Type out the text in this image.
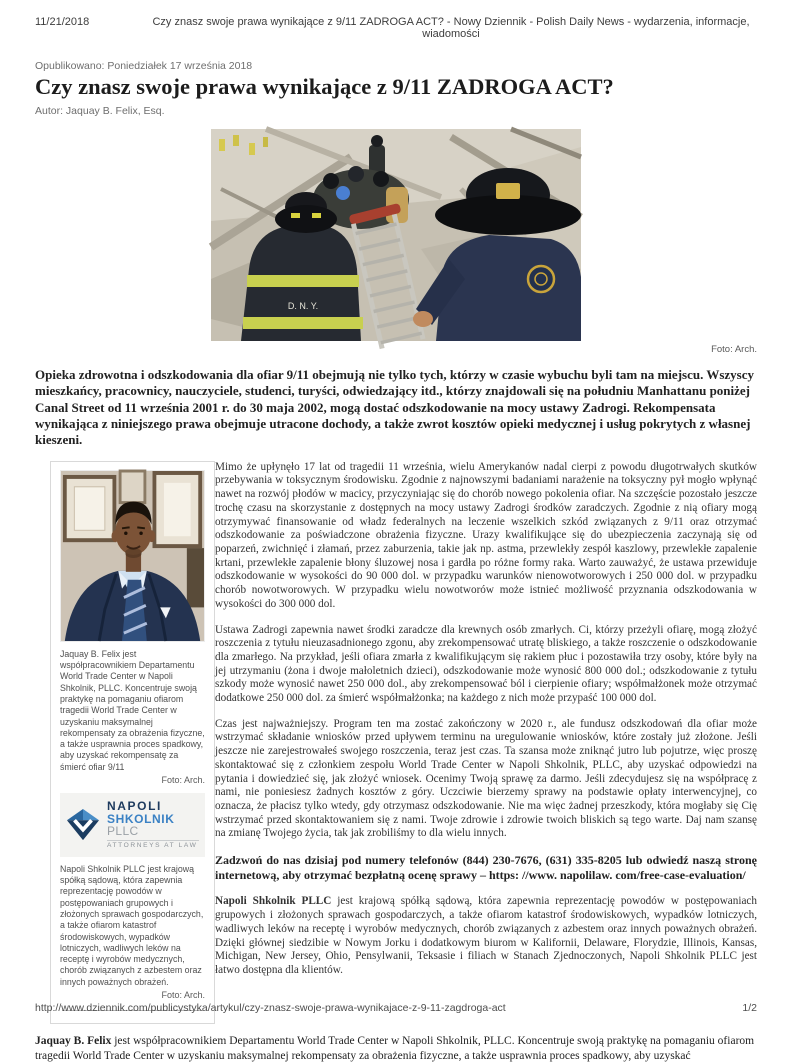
11/21/2018	Czy znasz swoje prawa wynikające z 9/11 ZADROGA ACT? - Nowy Dziennik - Polish Daily News - wydarzenia, informacje, wiadomości
Opublikowano: Poniedziałek 17 września 2018
Czy znasz swoje prawa wynikające z 9/11 ZADROGA ACT?
Autor: Jaquay B. Felix, Esq.
D. N. Y.
Foto: Arch.

Opieka zdrowotna i odszkodowania dla ofiar 9/11 obejmują nie tylko tych, którzy w czasie wybuchu byli tam na miejscu. Wszyscy mieszkańcy, pracownicy, nauczyciele, studenci, turyści, odwiedzający itd., którzy znajdowali się na południu Manhattanu poniżej Canal Street od 11 września 2001 r. do 30 maja 2002, mogą dostać odszkodowanie na mocy ustawy Zadrogi. Rekompensata wynikająca z niniejszego prawa obejmuje utracone dochody, a także zwrot kosztów opieki medycznej i usług pokrytych z własnej kieszeni.

Jaquay B. Felix jest współpracownikiem Departamentu World Trade Center w Napoli Shkolnik, PLLC. Koncentruje swoją praktykę na pomaganiu ofiarom tragedii World Trade Center w uzyskaniu maksymalnej rekompensaty za obrażenia fizyczne, a także usprawnia proces spadkowy, aby uzyskać rekompensatę za śmierć ofiar 9/11

Foto: Arch.
NAPOLI
SHKOLNIK PLLC
ATTORNEYS AT LAW

Napoli Shkolnik PLLC jest krajową spółką sądową, która zapewnia reprezentację powodów w postępowaniach grupowych i złożonych sprawach gospodarczych, a także ofiarom katastrof środowiskowych, wypadków lotniczych, wadliwych leków na receptę i wyrobów medycznych, chorób związanych z azbestem oraz innych poważnych obrażeń.

Foto: Arch.

Mimo że upłynęło 17 lat od tragedii 11 września, wielu Amerykanów nadal cierpi z powodu długotrwałych skutków przebywania w toksycznym środowisku. Zgodnie z najnowszymi badaniami narażenie na toksyczny pył mogło wpłynąć nawet na rozwój płodów w macicy, przyczyniając się do chorób nowego pokolenia ofiar. Na szczęście pozostało jeszcze trochę czasu na skorzystanie z dostępnych na mocy ustawy Zadrogi środków zaradczych. Zgodnie z nią ofiary mogą otrzymywać finansowanie od władz federalnych na leczenie wszelkich szkód związanych z 9/11 oraz otrzymać odszkodowanie za poświadczone obrażenia fizyczne. Urazy kwalifikujące się do ubezpieczenia zaczynają się od poparzeń, zwichnięć i złamań, przez zaburzenia, takie jak np. astma, przewlekły zespół kaszlowy, przewlekłe zapalenie krtani, przewlekłe zapalenie błony śluzowej nosa i gardła po różne formy raka. Warto zauważyć, że ustawa przewiduje odszkodowanie w wysokości do 90 000 dol. w przypadku warunków nienowotworowych i 250 000 dol. w przypadku chorób nowotworowych. W przypadku wielu nowotworów może istnieć możliwość przyznania odszkodowania w wysokości do 300 000 dol.

Ustawa Zadrogi zapewnia nawet środki zaradcze dla krewnych osób zmarłych. Ci, którzy przeżyli ofiarę, mogą złożyć roszczenia z tytułu nieuzasadnionego zgonu, aby zrekompensować utratę bliskiego, a także roszczenie o odszkodowanie dla zmarłego. Na przykład, jeśli ofiara zmarła z kwalifikującym się rakiem płuc i pozostawiła trzy osoby, które były na jej utrzymaniu (żona i dwoje małoletnich dzieci), odszkodowanie może wynosić 800 000 dol.; odszkodowanie z tytułu szkody może wynosić nawet 250 000 dol., aby zrekompensować ból i cierpienie ofiary; współmałżonek może otrzymać dodatkowe 250 000 dol. za śmierć współmałżonka; na każdego z nich może przypaść 100 000 dol.

Czas jest najważniejszy. Program ten ma zostać zakończony w 2020 r., ale fundusz odszkodowań dla ofiar może wstrzymać składanie wniosków przed upływem terminu na uregulowanie wniosków, które zostały już złożone. Jeśli jeszcze nie zarejestrowałeś swojego roszczenia, teraz jest czas. Ta szansa może zniknąć jutro lub pojutrze, więc proszę skontaktować się z członkiem zespołu World Trade Center w Napoli Shkolnik, PLLC, aby uzyskać odpowiedzi na pytania i dowiedzieć się, jak złożyć wniosek. Ocenimy Twoją sprawę za darmo. Jeśli zdecydujesz się na współpracę z nami, nie poniesiesz żadnych kosztów z góry. Uczciwie bierzemy sprawy na podstawie opłaty interwencyjnej, co oznacza, że płacisz tylko wtedy, gdy otrzymasz odszkodowanie. Nie ma więc żadnej przeszkody, która mogłaby się Cię wstrzymać przed skontaktowaniem się z nami. Twoje zdrowie i zdrowie twoich bliskich są tego warte. Daj nam szansę na zmianę Twojego życia, tak jak zrobiliśmy to dla wielu innych.

Zadzwoń do nas dzisiaj pod numery telefonów (844) 230-7676, (631) 335-8205 lub odwiedź naszą stronę internetową, aby otrzymać bezpłatną ocenę sprawy – https: //www. napolilaw. com/free-case-evaluation/

Napoli Shkolnik PLLC jest krajową spółką sądową, która zapewnia reprezentację powodów w postępowaniach grupowych i złożonych sprawach gospodarczych, a także ofiarom katastrof środowiskowych, wypadków lotniczych, wadliwych leków na receptę i wyrobów medycznych, chorób związanych z azbestem oraz innych poważnych obrażeń. Dzięki głównej siedzibie w Nowym Jorku i dodatkowym biurom w Kalifornii, Delaware, Florydzie, Illinois, Kansas, Michigan, New Jersey, Ohio, Pensylwanii, Teksasie i filiach w Stanach Zjednoczonych, Napoli Shkolnik PLLC jest łatwo dostępna dla klientów.

Jaquay B. Felix jest współpracownikiem Departamentu World Trade Center w Napoli Shkolnik, PLLC. Koncentruje swoją praktykę na pomaganiu ofiarom tragedii World Trade Center w uzyskaniu maksymalnej rekompensaty za obrażenia fizyczne, a także usprawnia proces spadkowy, aby uzyskać

http://www.dziennik.com/publicystyka/artykul/czy-znasz-swoje-prawa-wynikajace-z-9-11-zagdroga-act	1/2
